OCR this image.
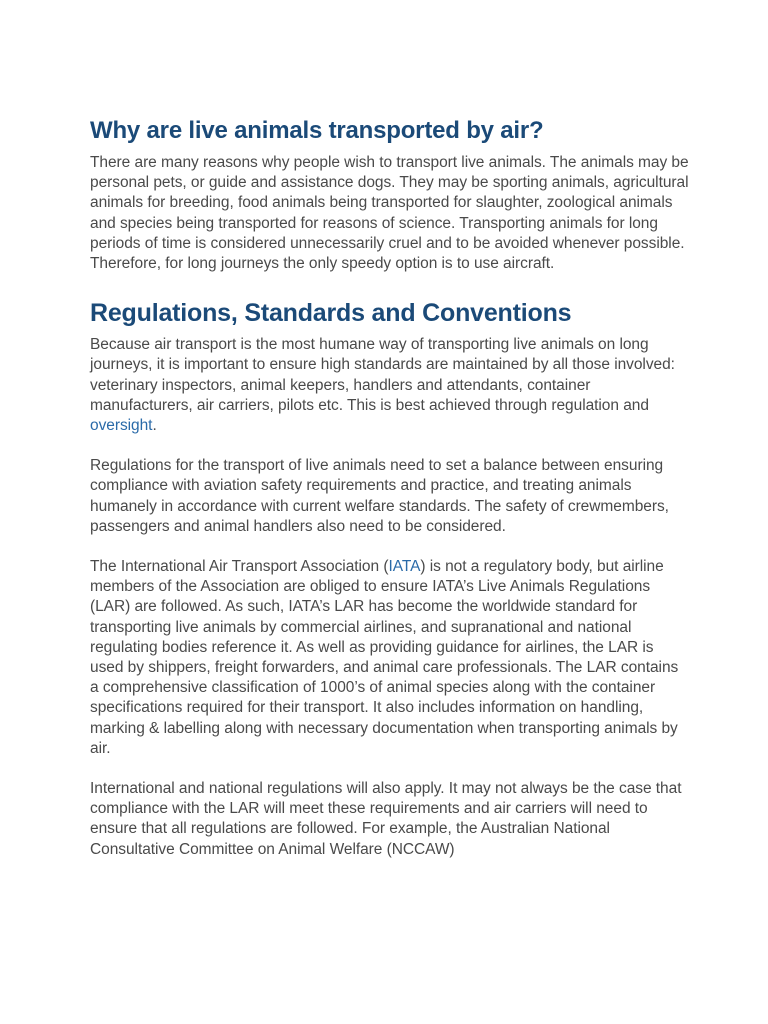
Why are live animals transported by air?

There are many reasons why people wish to transport live animals. The animals may be personal pets, or guide and assistance dogs. They may be sporting animals, agricultural animals for breeding, food animals being transported for slaughter, zoological animals and species being transported for reasons of science. Transporting animals for long periods of time is considered unnecessarily cruel and to be avoided whenever possible. Therefore, for long journeys the only speedy option is to use aircraft.

Regulations, Standards and Conventions

Because air transport is the most humane way of transporting live animals on long journeys, it is important to ensure high standards are maintained by all those involved: veterinary inspectors, animal keepers, handlers and attendants, container manufacturers, air carriers, pilots etc. This is best achieved through regulation and oversight.

Regulations for the transport of live animals need to set a balance between ensuring compliance with aviation safety requirements and practice, and treating animals humanely in accordance with current welfare standards. The safety of crewmembers, passengers and animal handlers also need to be considered.

The International Air Transport Association (IATA) is not a regulatory body, but airline members of the Association are obliged to ensure IATA’s Live Animals Regulations (LAR) are followed. As such, IATA’s LAR has become the worldwide standard for transporting live animals by commercial airlines, and supranational and national regulating bodies reference it. As well as providing guidance for airlines, the LAR is used by shippers, freight forwarders, and animal care professionals. The LAR contains a comprehensive classification of 1000’s of animal species along with the container specifications required for their transport. It also includes information on handling, marking & labelling along with necessary documentation when transporting animals by air.

International and national regulations will also apply. It may not always be the case that compliance with the LAR will meet these requirements and air carriers will need to ensure that all regulations are followed. For example, the Australian National Consultative Committee on Animal Welfare (NCCAW)
